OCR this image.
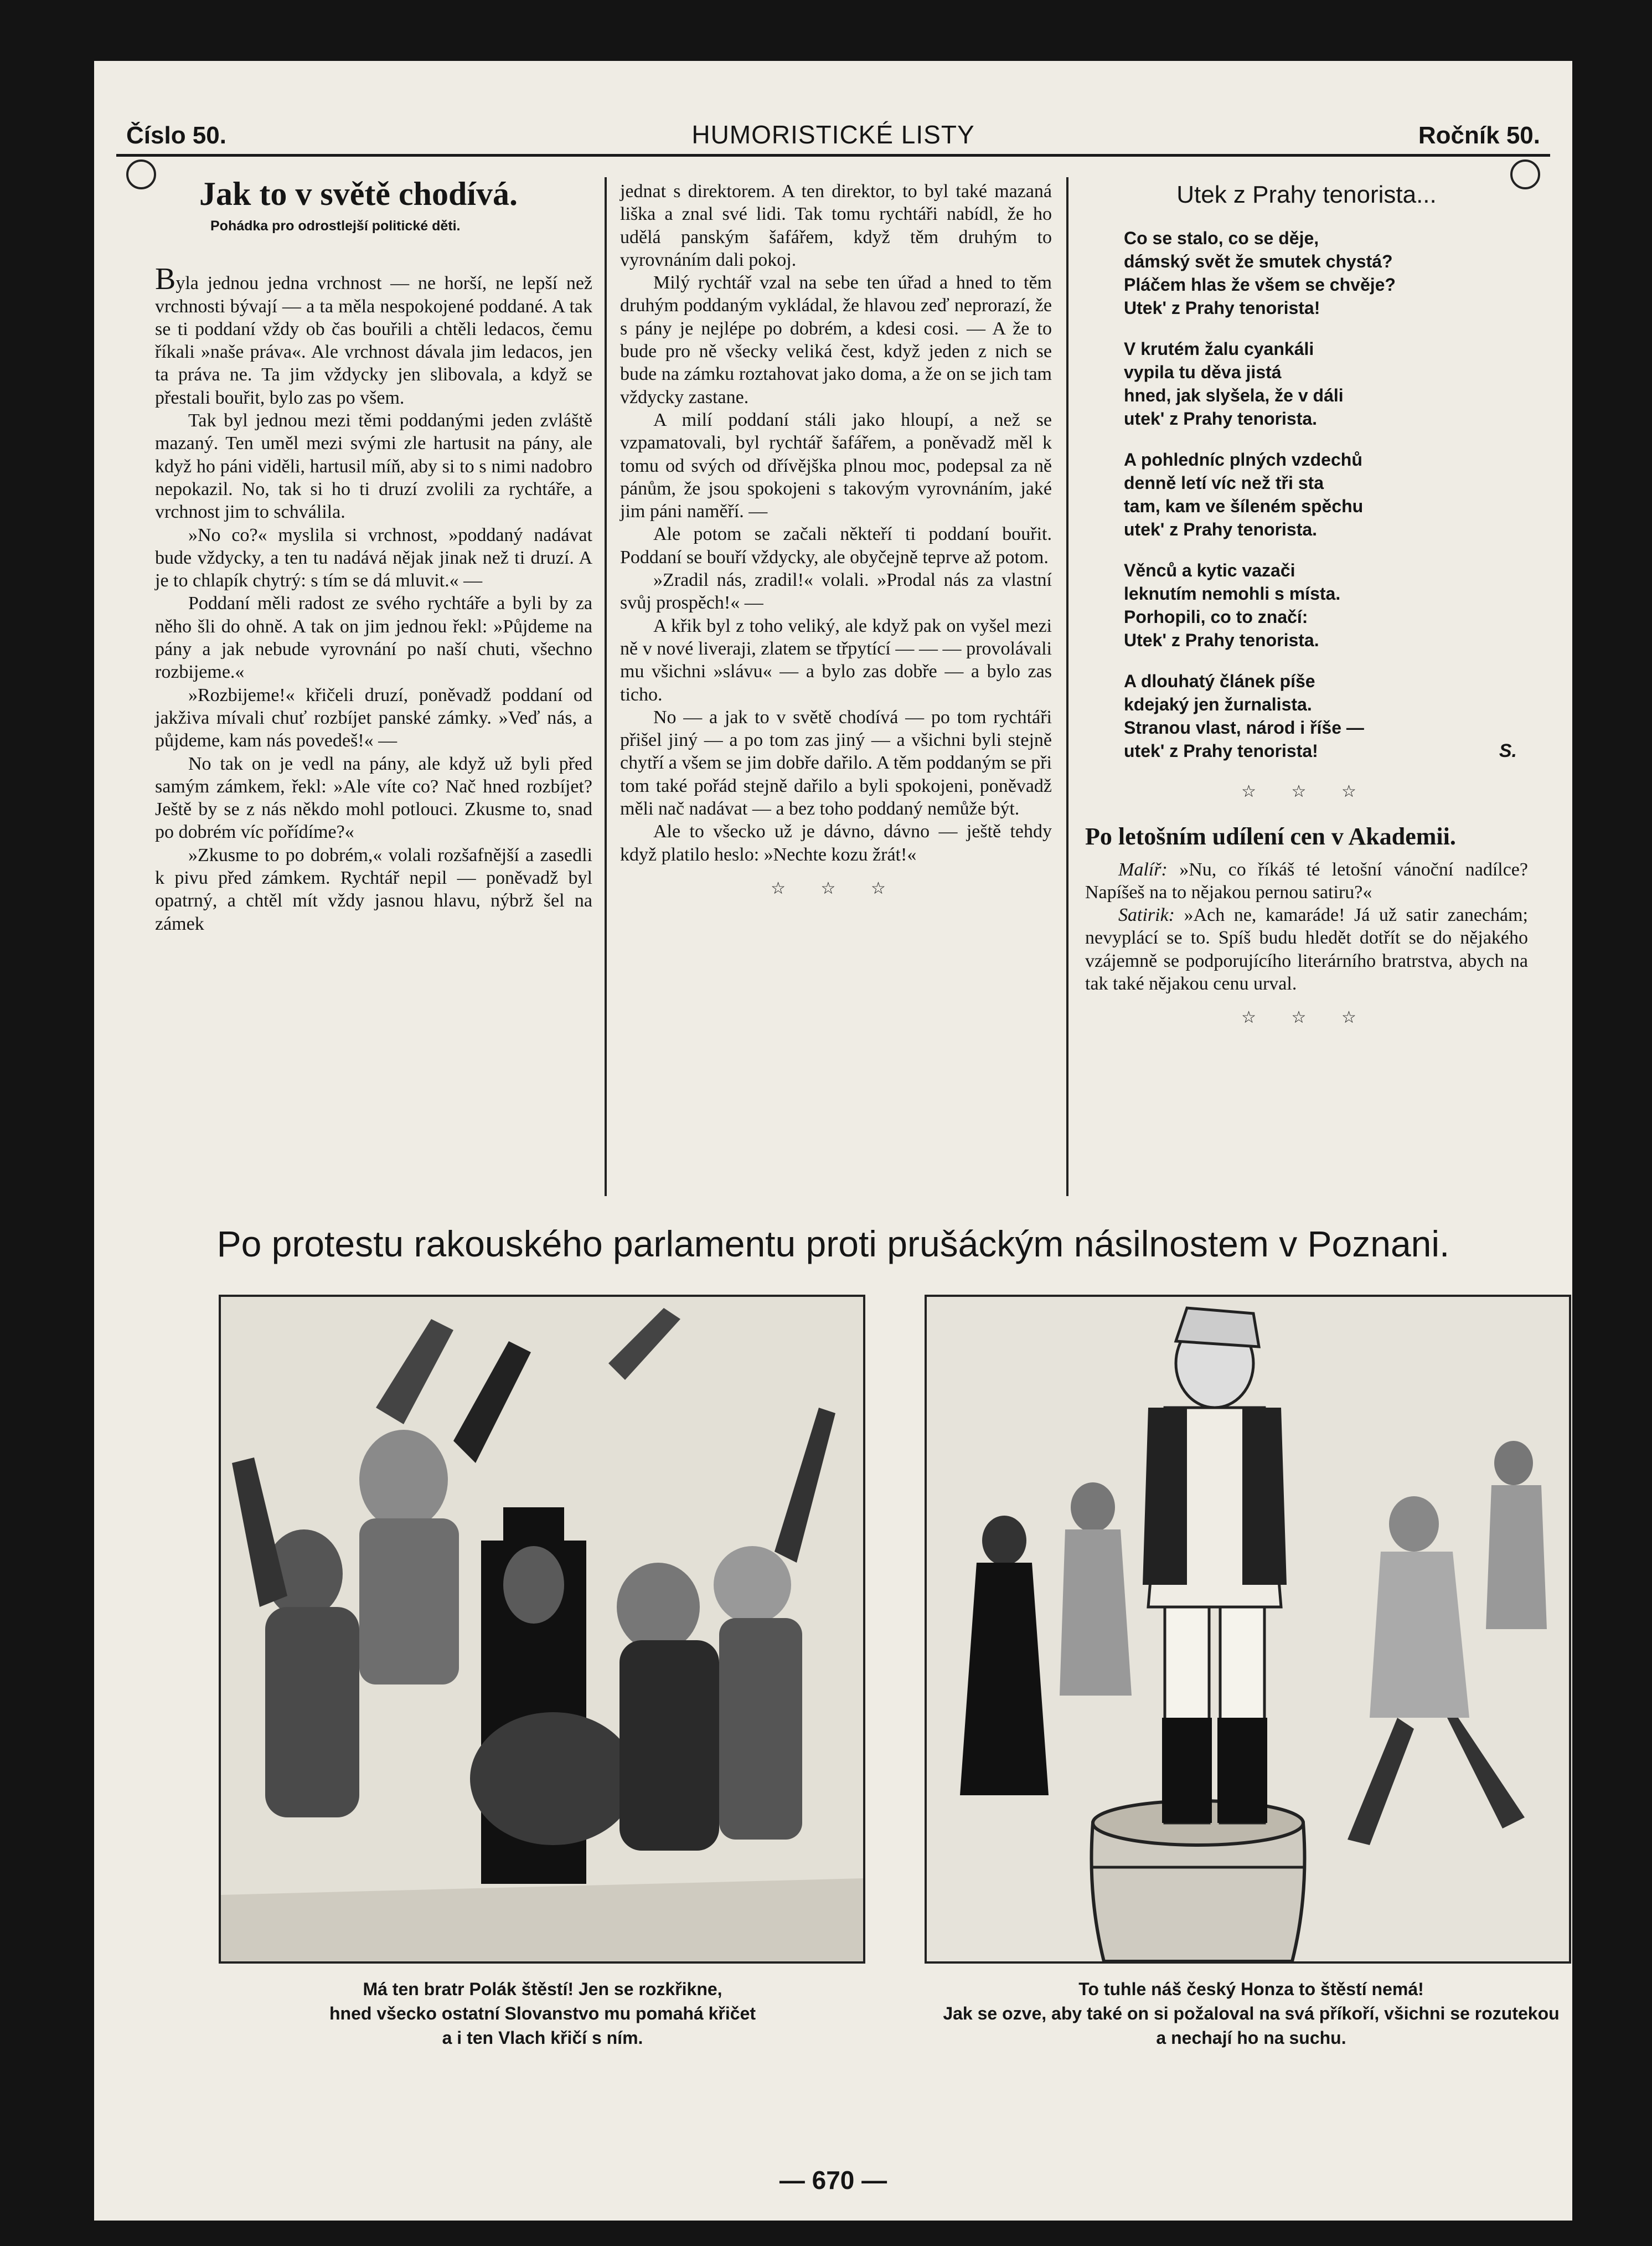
Číslo 50.	HUMORISTICKÉ LISTY	Ročník 50.
Jak to v světě chodívá.
Pohádka pro odrostlejší politické děti.

Byla jednou jedna vrchnost — ne horší, ne lepší než vrchnosti bývají — a ta měla nespokojené poddané. A tak se ti poddaní vždy ob čas bouřili a chtěli ledacos, čemu říkali »naše práva«. Ale vrchnost dávala jim ledacos, jen ta práva ne. Ta jim vždycky jen slibovala, a když se přestali bouřit, bylo zas po všem.

Tak byl jednou mezi těmi poddanými jeden zvláště mazaný. Ten uměl mezi svými zle hartusit na pány, ale když ho páni viděli, hartusil míň, aby si to s nimi nadobro nepokazil. No, tak si ho ti druzí zvolili za rychtáře, a vrchnost jim to schválila.

»No co?« myslila si vrchnost, »poddaný nadávat bude vždycky, a ten tu nadává nějak jinak než ti druzí. A je to chlapík chytrý: s tím se dá mluvit.« —

Poddaní měli radost ze svého rychtáře a byli by za něho šli do ohně. A tak on jim jednou řekl: »Půjdeme na pány a jak nebude vyrovnání po naší chuti, všechno rozbijeme.«

»Rozbijeme!« křičeli druzí, poněvadž poddaní od jakživa mívali chuť rozbíjet panské zámky. »Veď nás, a půjdeme, kam nás povedeš!« —

No tak on je vedl na pány, ale když už byli před samým zámkem, řekl: »Ale víte co? Nač hned rozbíjet? Ještě by se z nás někdo mohl potlouci. Zkusme to, snad po dobrém víc pořídíme?«

»Zkusme to po dobrém,« volali rozšafnější a zasedli k pivu před zámkem. Rychtář nepil — poněvadž byl opatrný, a chtěl mít vždy jasnou hlavu, nýbrž šel na zámek

jednat s direktorem. A ten direktor, to byl také mazaná liška a znal své lidi. Tak tomu rychtáři nabídl, že ho udělá panským šafářem, když těm druhým to vyrovnáním dali pokoj.

Milý rychtář vzal na sebe ten úřad a hned to těm druhým poddaným vykládal, že hlavou zeď neprorazí, že s pány je nejlépe po dobrém, a kdesi cosi. — A že to bude pro ně všecky veliká čest, když jeden z nich se bude na zámku roztahovat jako doma, a že on se jich tam vždycky zastane.

A milí poddaní stáli jako hloupí, a než se vzpamatovali, byl rychtář šafářem, a poněvadž měl k tomu od svých od dřívějška plnou moc, podepsal za ně pánům, že jsou spokojeni s takovým vyrovnáním, jaké jim páni naměří. —

Ale potom se začali někteří ti poddaní bouřit. Poddaní se bouří vždycky, ale obyčejně teprve až potom.

»Zradil nás, zradil!« volali. »Prodal nás za vlastní svůj prospěch!« —

A křik byl z toho veliký, ale když pak on vyšel mezi ně v nové liveraji, zlatem se třpytící — — — provolávali mu všichni »slávu« — a bylo zas dobře — a bylo zas ticho.

No — a jak to v světě chodívá — po tom rychtáři přišel jiný — a po tom zas jiný — a všichni byli stejně chytří a všem se jim dobře dařilo. A těm poddaným se při tom také pořád stejně dařilo a byli spokojeni, poněvadž měli nač nadávat — a bez toho poddaný nemůže být.

Ale to všecko už je dávno, dávno — ještě tehdy když platilo heslo: »Nechte kozu žrát!«

☆ ☆ ☆
Utek z Prahy tenorista...
Co se stalo, co se děje,
dámský svět že smutek chystá?
Pláčem hlas že všem se chvěje?
Utek' z Prahy tenorista!
V krutém žalu cyankáli
vypila tu děva jistá
hned, jak slyšela, že v dáli
utek' z Prahy tenorista.
A pohledníc plných vzdechů
denně letí víc než tři sta
tam, kam ve šíleném spěchu
utek' z Prahy tenorista.
Věnců a kytic vazači
leknutím nemohli s místa.
Porhopili, co to značí:
Utek' z Prahy tenorista.
A dlouhatý článek píše
kdejaký jen žurnalista.
Stranou vlast, národ i říše —
utek' z Prahy tenorista!	S.
☆ ☆ ☆
Po letošním udílení cen v Akademii.

Malíř: »Nu, co říkáš té letošní vánoční nadílce? Napíšeš na to nějakou pernou satiru?«

Satirik: »Ach ne, kamaráde! Já už satir zanechám; nevyplácí se to. Spíš budu hledět dotřít se do nějakého vzájemně se podporujícího literárního bratrstva, abych na tak také nějakou cenu urval.

☆ ☆ ☆
Po protestu rakouského parlamentu proti prušáckým násilnostem v Poznani.
Má ten bratr Polák štěstí! Jen se rozkřikne,
hned všecko ostatní Slovanstvo mu pomahá křičet
a i ten Vlach křičí s ním.
To tuhle náš český Honza to štěstí nemá!
Jak se ozve, aby také on si požaloval na svá příkoří, všichni se rozutekou a nechají ho na suchu.
— 670 —
